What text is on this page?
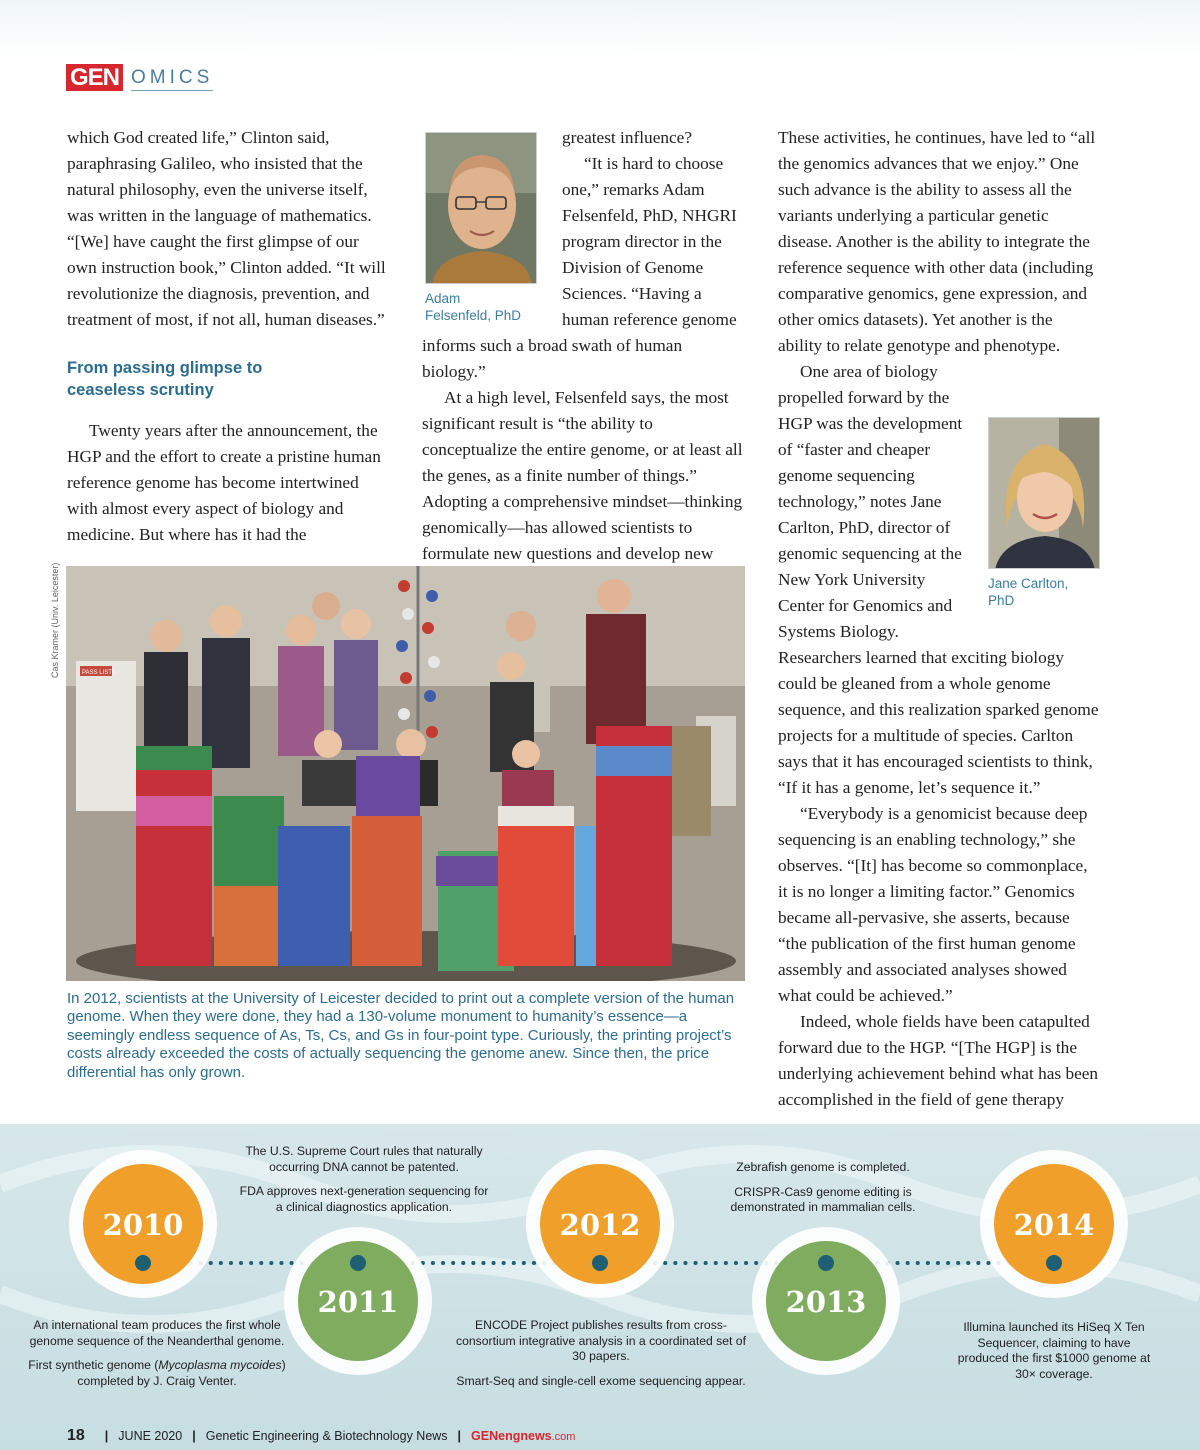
GEN OMICS

which God created life,” Clinton said, paraphrasing Galileo, who insisted that the natural philosophy, even the universe itself, was written in the language of mathematics. “[We] have caught the first glimpse of our own instruction book,” Clinton added. “It will revolutionize the diagnosis, prevention, and treatment of most, if not all, human diseases.”

From passing glimpse to
ceaseless scrutiny

Twenty years after the announcement, the HGP and the effort to create a pristine human reference genome has become intertwined with almost every aspect of biology and medicine. But where has it had the

Adam
Felsenfeld, PhD

greatest influence?

“It is hard to choose one,” remarks Adam Felsenfeld, PhD, NHGRI program director in the Division of Genome Sciences. “Having a human reference genome informs such a broad swath of human biology.”

At a high level, Felsenfeld says, the most significant result is “the ability to conceptualize the entire genome, or at least all the genes, as a finite number of things.” Adopting a comprehensive mindset—thinking genomically—has allowed scientists to formulate new questions and develop new

These activities, he continues, have led to “all the genomics advances that we enjoy.” One such advance is the ability to assess all the variants underlying a particular genetic disease. Another is the ability to integrate the reference sequence with other data (including comparative genomics, gene expression, and other omics datasets). Yet another is the ability to relate genotype and phenotype.

Jane Carlton,
PhD

One area of biology propelled forward by the HGP was the development of “faster and cheaper genome sequencing technology,” notes Jane Carlton, PhD, director of genomic sequencing at the New York University Center for Genomics and Systems Biology. Researchers learned that exciting biology could be gleaned from a whole genome sequence, and this realization sparked genome projects for a multitude of species. Carlton says that it has encouraged scientists to think, “If it has a genome, let’s sequence it.”

“Everybody is a genomicist because deep sequencing is an enabling technology,” she observes. “[It] has become so commonplace, it is no longer a limiting factor.” Genomics became all-pervasive, she asserts, because “the publication of the first human genome assembly and associated analyses showed what could be achieved.”

Indeed, whole fields have been catapulted forward due to the HGP. “[The HGP] is the underlying achievement behind what has been accomplished in the field of gene therapy

Cas Kramer (Univ. Leicester)	PASS LISTS
In 2012, scientists at the University of Leicester decided to print out a complete version of the human genome. When they were done, they had a 130-volume monument to humanity’s essence—a seemingly endless sequence of As, Ts, Cs, and Gs in four-point type. Curiously, the printing project’s costs already exceeded the costs of actually sequencing the genome anew. Since then, the price differential has only grown.
2010
2011
2012
2013
2014

An international team produces the first whole genome sequence of the Neanderthal genome.

First synthetic genome (Mycoplasma mycoides) completed by J. Craig Venter.

The U.S. Supreme Court rules that naturally occurring DNA cannot be patented.

FDA approves next-generation sequencing for a clinical diagnostics application.

ENCODE Project publishes results from cross-consortium integrative analysis in a coordinated set of 30 papers.

Smart-Seq and single-cell exome sequencing appear.

Zebrafish genome is completed.

CRISPR-Cas9 genome editing is demonstrated in mammalian cells.

Illumina launched its HiSeq X Ten Sequencer, claiming to have produced the first $1000 genome at 30× coverage.

18 | JUNE 2020 | Genetic Engineering & Biotechnology News | GENengnews.com
